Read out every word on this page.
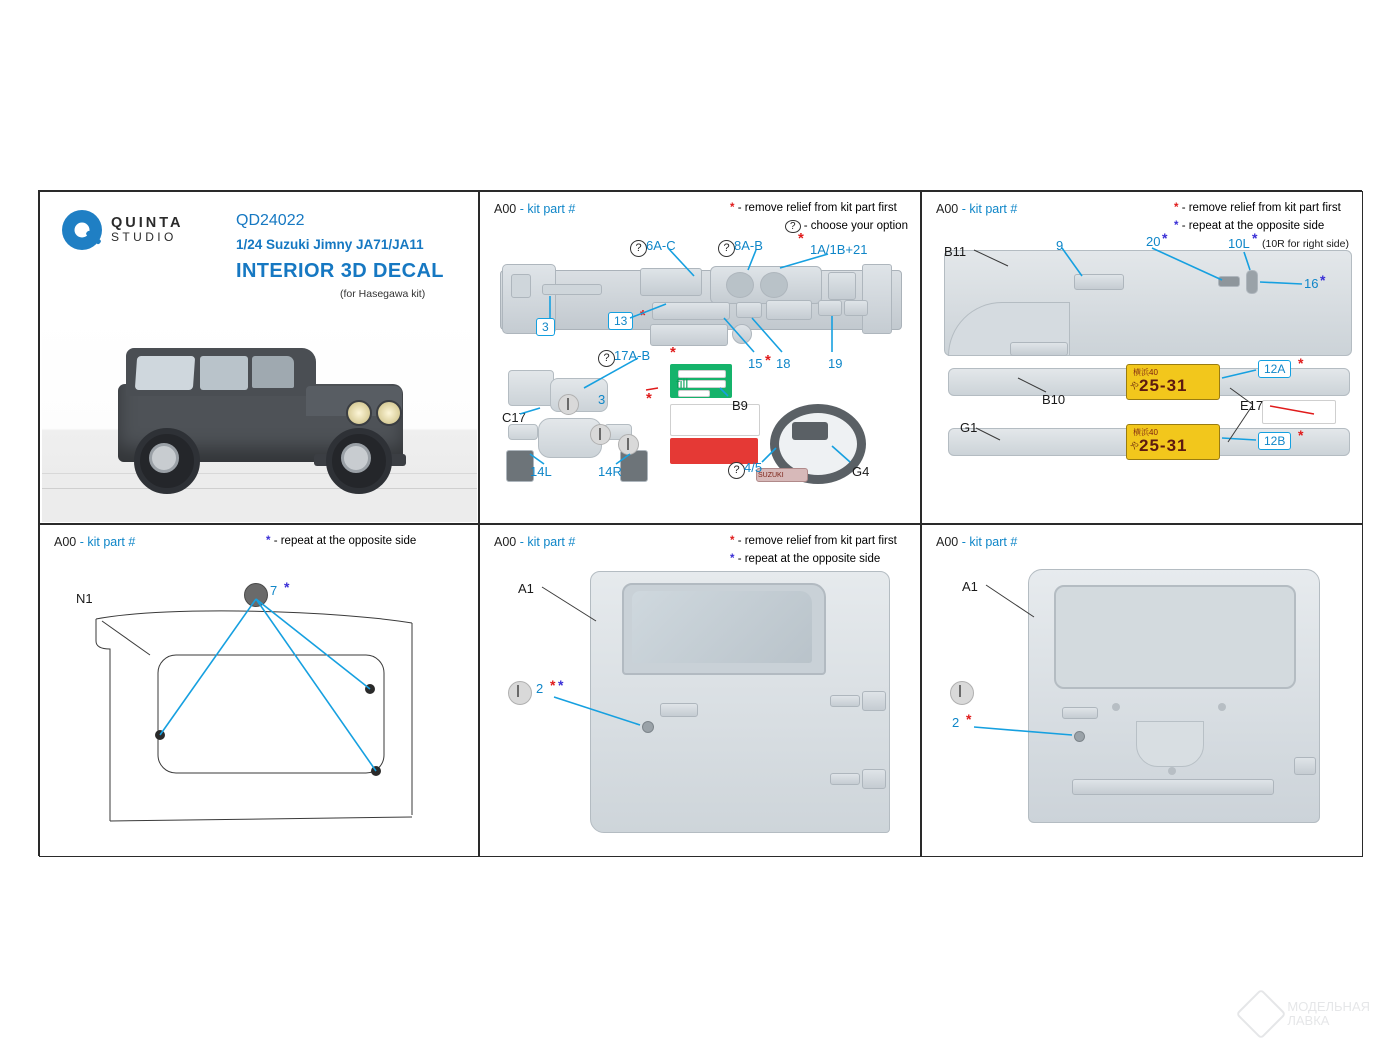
QUINTA
STUDIO
QD24022
1/24 Suzuki Jimny JA71/JA11
INTERIOR 3D DECAL
(for Hasegawa kit)
A00 - kit part #	* - remove relief from kit part first
? - choose your option
? 6A-C	? 8A-B	1A/1B+21
*
3	13 *
? 17A-B *
15 * 18	19
3	*	B9
C17
14L	14R
fill
? 4/5	G4
SUZUKI
A00 - kit part #	* - remove relief from kit part first
* - repeat at the opposite side
横浜40
や 25-31
横浜40
や 25-31
B11	9	20 *	10L * (10R for right side)
16 *
B10
G1
E17
12A *
12B *
A00 - kit part #	* - repeat at the opposite side
N1
7 *
A00 - kit part #	* - remove relief from kit part first
* - repeat at the opposite side
A1
2 * *
A00 - kit part #
A1
2 *
МОДЕЛЬНАЯ
ЛАВКА
